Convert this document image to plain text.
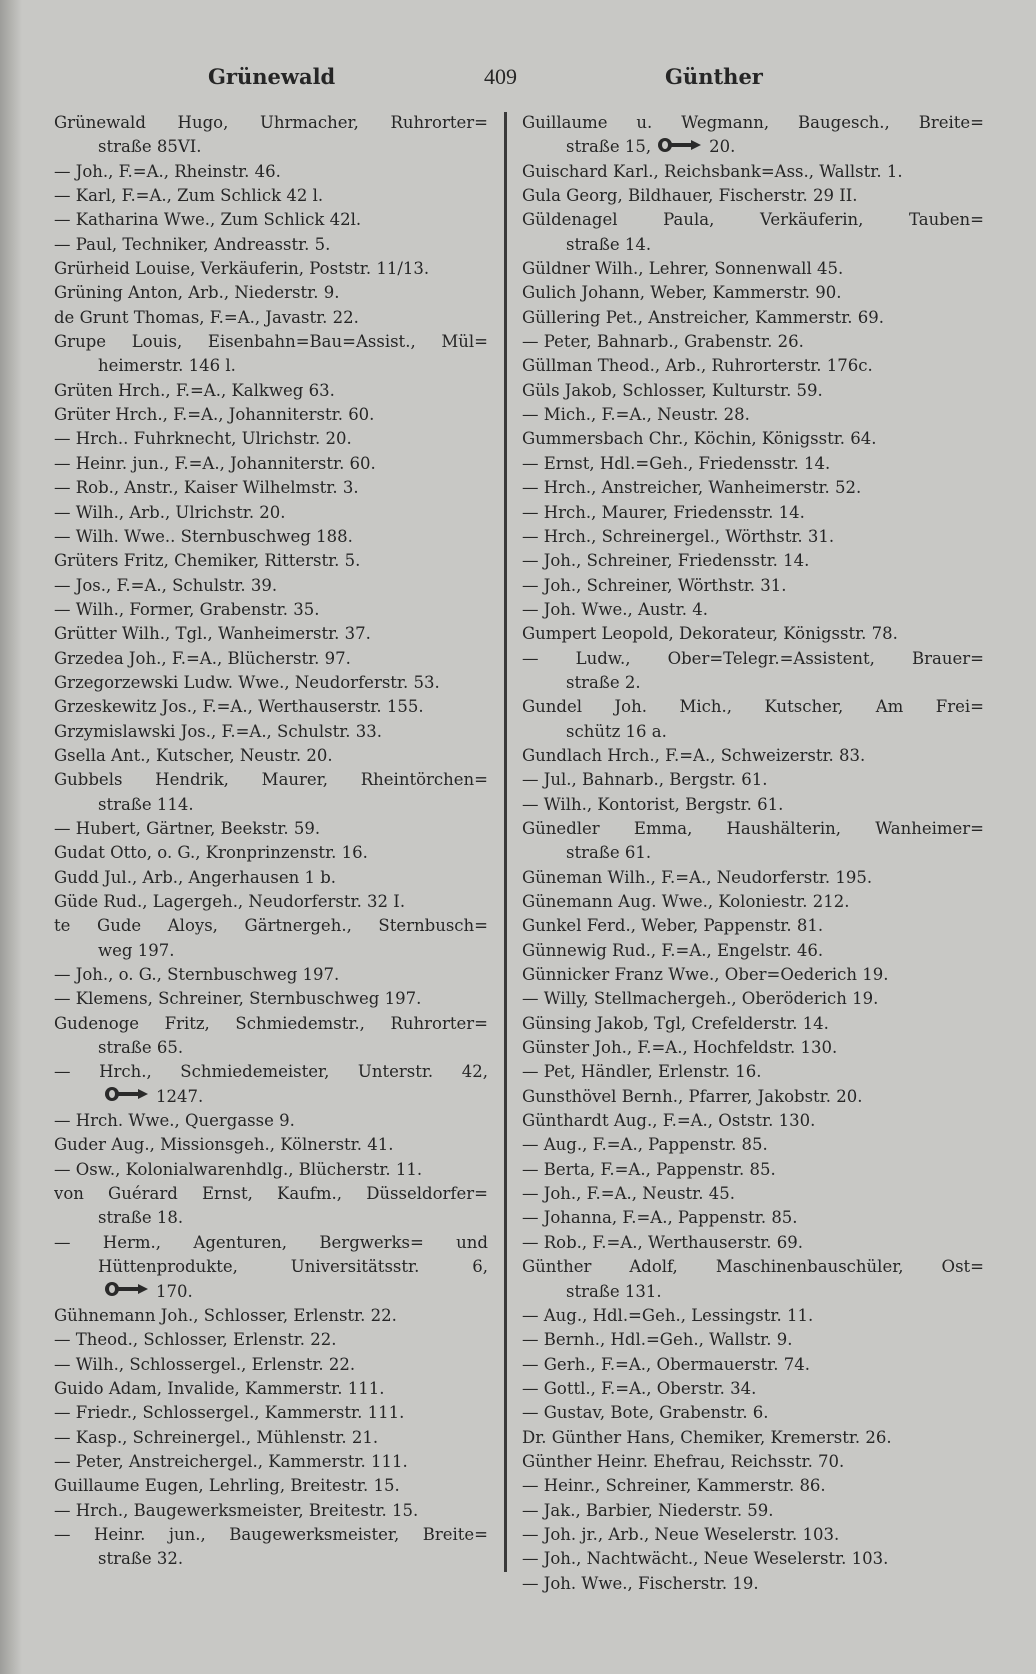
Grünewald	409	Günther
Grünewald Hugo, Uhrmacher, Ruhrorter=
straße 85VI.
— Joh., F.=A., Rheinstr. 46.
— Karl, F.=A., Zum Schlick 42 l.
— Katharina Wwe., Zum Schlick 42l.
— Paul, Techniker, Andreasstr. 5.
Grürheid Louise, Verkäuferin, Poststr. 11/13.
Grüning Anton, Arb., Niederstr. 9.
de Grunt Thomas, F.=A., Javastr. 22.
Grupe Louis, Eisenbahn=Bau=Assist., Mül=
heimerstr. 146 l.
Grüten Hrch., F.=A., Kalkweg 63.
Grüter Hrch., F.=A., Johanniterstr. 60.
— Hrch.. Fuhrknecht, Ulrichstr. 20.
— Heinr. jun., F.=A., Johanniterstr. 60.
— Rob., Anstr., Kaiser Wilhelmstr. 3.
— Wilh., Arb., Ulrichstr. 20.
— Wilh. Wwe.. Sternbuschweg 188.
Grüters Fritz, Chemiker, Ritterstr. 5.
— Jos., F.=A., Schulstr. 39.
— Wilh., Former, Grabenstr. 35.
Grütter Wilh., Tgl., Wanheimerstr. 37.
Grzedea Joh., F.=A., Blücherstr. 97.
Grzegorzewski Ludw. Wwe., Neudorferstr. 53.
Grzeskewitz Jos., F.=A., Werthauserstr. 155.
Grzymislawski Jos., F.=A., Schulstr. 33.
Gsella Ant., Kutscher, Neustr. 20.
Gubbels Hendrik, Maurer, Rheintörchen=
straße 114.
— Hubert, Gärtner, Beekstr. 59.
Gudat Otto, o. G., Kronprinzenstr. 16.
Gudd Jul., Arb., Angerhausen 1 b.
Güde Rud., Lagergeh., Neudorferstr. 32 I.
te Gude Aloys, Gärtnergeh., Sternbusch=
weg 197.
— Joh., o. G., Sternbuschweg 197.
— Klemens, Schreiner, Sternbuschweg 197.
Gudenoge Fritz, Schmiedemstr., Ruhrorter=
straße 65.
— Hrch., Schmiedemeister, Unterstr. 42,
1247.
— Hrch. Wwe., Quergasse 9.
Guder Aug., Missionsgeh., Kölnerstr. 41.
— Osw., Kolonialwarenhdlg., Blücherstr. 11.
von Guérard Ernst, Kaufm., Düsseldorfer=
straße 18.
— Herm., Agenturen, Bergwerks= und
Hüttenprodukte, Universitätsstr. 6,
170.
Gühnemann Joh., Schlosser, Erlenstr. 22.
— Theod., Schlosser, Erlenstr. 22.
— Wilh., Schlossergel., Erlenstr. 22.
Guido Adam, Invalide, Kammerstr. 111.
— Friedr., Schlossergel., Kammerstr. 111.
— Kasp., Schreinergel., Mühlenstr. 21.
— Peter, Anstreichergel., Kammerstr. 111.
Guillaume Eugen, Lehrling, Breitestr. 15.
— Hrch., Baugewerksmeister, Breitestr. 15.
— Heinr. jun., Baugewerksmeister, Breite=
straße 32.
Guillaume u. Wegmann, Baugesch., Breite=
straße 15,	20.
Guischard Karl., Reichsbank=Ass., Wallstr. 1.
Gula Georg, Bildhauer, Fischerstr. 29 II.
Güldenagel Paula, Verkäuferin, Tauben=
straße 14.
Güldner Wilh., Lehrer, Sonnenwall 45.
Gulich Johann, Weber, Kammerstr. 90.
Güllering Pet., Anstreicher, Kammerstr. 69.
— Peter, Bahnarb., Grabenstr. 26.
Güllman Theod., Arb., Ruhrorterstr. 176c.
Güls Jakob, Schlosser, Kulturstr. 59.
— Mich., F.=A., Neustr. 28.
Gummersbach Chr., Köchin, Königsstr. 64.
— Ernst, Hdl.=Geh., Friedensstr. 14.
— Hrch., Anstreicher, Wanheimerstr. 52.
— Hrch., Maurer, Friedensstr. 14.
— Hrch., Schreinergel., Wörthstr. 31.
— Joh., Schreiner, Friedensstr. 14.
— Joh., Schreiner, Wörthstr. 31.
— Joh. Wwe., Austr. 4.
Gumpert Leopold, Dekorateur, Königsstr. 78.
— Ludw., Ober=Telegr.=Assistent, Brauer=
straße 2.
Gundel Joh. Mich., Kutscher, Am Frei=
schütz 16 a.
Gundlach Hrch., F.=A., Schweizerstr. 83.
— Jul., Bahnarb., Bergstr. 61.
— Wilh., Kontorist, Bergstr. 61.
Günedler Emma, Haushälterin, Wanheimer=
straße 61.
Güneman Wilh., F.=A., Neudorferstr. 195.
Günemann Aug. Wwe., Koloniestr. 212.
Gunkel Ferd., Weber, Pappenstr. 81.
Günnewig Rud., F.=A., Engelstr. 46.
Günnicker Franz Wwe., Ober=Oederich 19.
— Willy, Stellmachergeh., Oberöderich 19.
Günsing Jakob, Tgl, Crefelderstr. 14.
Günster Joh., F.=A., Hochfeldstr. 130.
— Pet, Händler, Erlenstr. 16.
Gunsthövel Bernh., Pfarrer, Jakobstr. 20.
Günthardt Aug., F.=A., Oststr. 130.
— Aug., F.=A., Pappenstr. 85.
— Berta, F.=A., Pappenstr. 85.
— Joh., F.=A., Neustr. 45.
— Johanna, F.=A., Pappenstr. 85.
— Rob., F.=A., Werthauserstr. 69.
Günther Adolf, Maschinenbauschüler, Ost=
straße 131.
— Aug., Hdl.=Geh., Lessingstr. 11.
— Bernh., Hdl.=Geh., Wallstr. 9.
— Gerh., F.=A., Obermauerstr. 74.
— Gottl., F.=A., Oberstr. 34.
— Gustav, Bote, Grabenstr. 6.
Dr. Günther Hans, Chemiker, Kremerstr. 26.
Günther Heinr. Ehefrau, Reichsstr. 70.
— Heinr., Schreiner, Kammerstr. 86.
— Jak., Barbier, Niederstr. 59.
— Joh. jr., Arb., Neue Weselerstr. 103.
— Joh., Nachtwächt., Neue Weselerstr. 103.
— Joh. Wwe., Fischerstr. 19.
